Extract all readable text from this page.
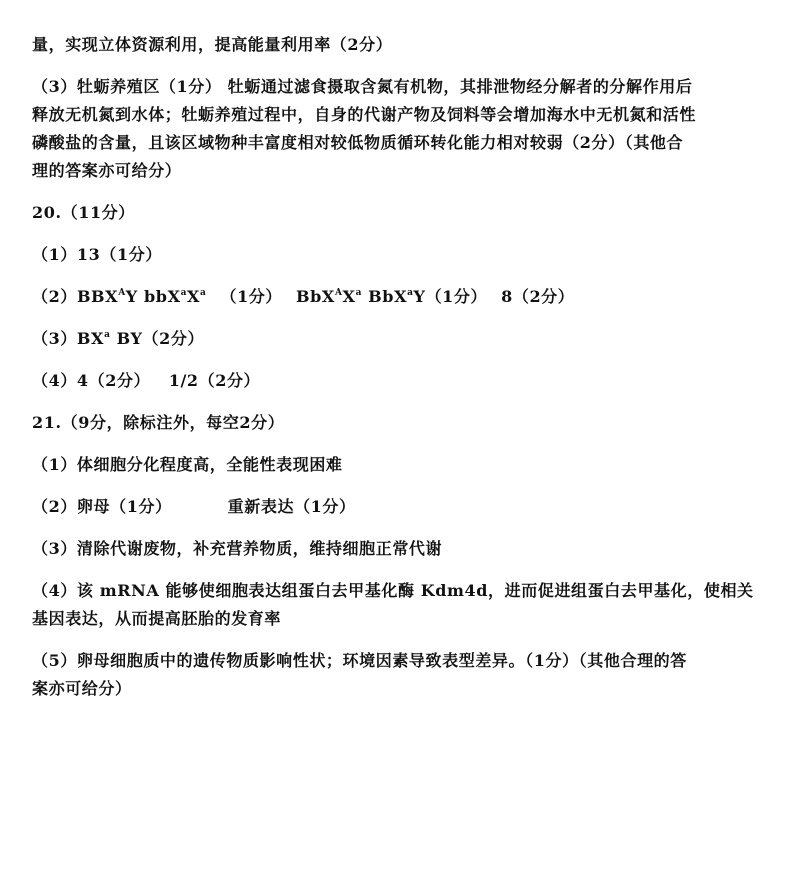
量，实现立体资源利用，提高能量利用率（2分）
（3）牡蛎养殖区（1分） 牡蛎通过滤食摄取含氮有机物，其排泄物经分解者的分解作用后
释放无机氮到水体；牡蛎养殖过程中，自身的代谢产物及饲料等会增加海水中无机氮和活性
磷酸盐的含量，且该区域物种丰富度相对较低物质循环转化能力相对较弱（2分）（其他合
理的答案亦可给分）
20.（11分）
（1）13（1分）
$(2)BBX^AY$ $bbX^aX^a$ （1分） $BbX^AX^a$ BbX$^a$Y（1分） 8（2分）
$(3)BX^a$ BY（2分）
（4）4（2分）   1/2（2分）
21.（9分，除标注外，每空2分）
（1）体细胞分化程度高，全能性表现困难
（2）卵母（1分）	重新表达（1分）
（3）清除代谢废物，补充营养物质，维持细胞正常代谢
（4）该 mRNA 能够使细胞表达组蛋白去甲基化酶 Kdm4d，进而促进组蛋白去甲基化，使相关
基因表达，从而提高胚胎的发育率
（5）卵母细胞质中的遗传物质影响性状；环境因素导致表型差异。（1分）（其他合理的答
案亦可给分）
